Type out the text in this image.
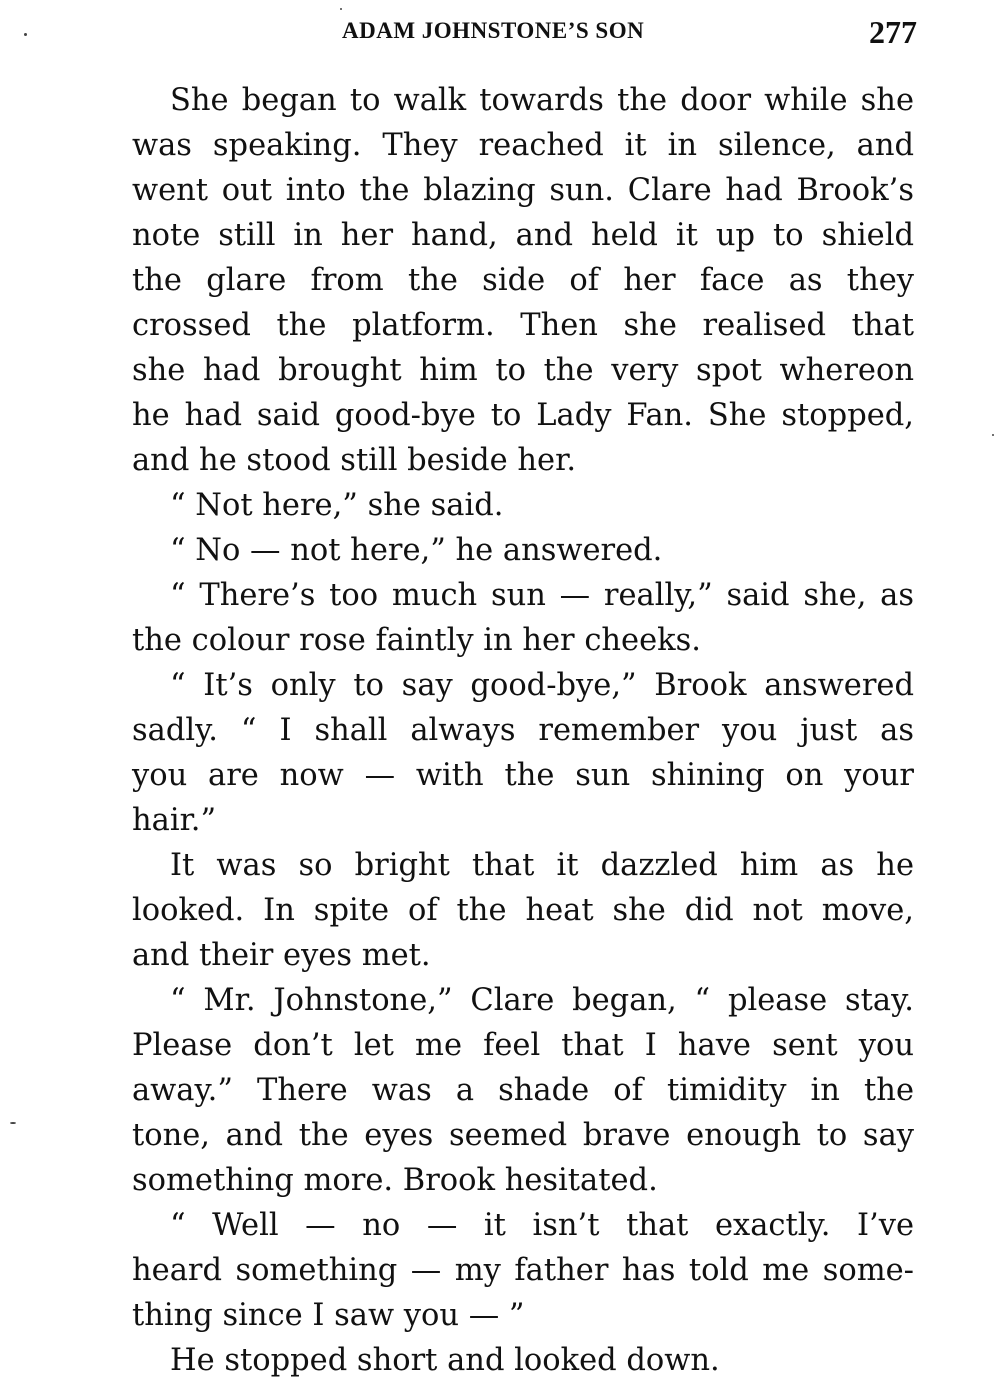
ADAM JOHNSTONE’S SON	277
She began to walk towards the door while she
was speaking. They reached it in silence, and
went out into the blazing sun. Clare had Brook’s
note still in her hand, and held it up to shield
the glare from the side of her face as they
crossed the platform. Then she realised that
she had brought him to the very spot whereon
he had said good-bye to Lady Fan. She stopped,
and he stood still beside her.
“ Not here,” she said.
“ No — not here,” he answered.
“ There’s too much sun — really,” said she, as
the colour rose faintly in her cheeks.
“ It’s only to say good-bye,” Brook answered
sadly. “ I shall always remember you just as
you are now — with the sun shining on your
hair.”
It was so bright that it dazzled him as he
looked. In spite of the heat she did not move,
and their eyes met.
“ Mr. Johnstone,” Clare began, “ please stay.
Please don’t let me feel that I have sent you
away.” There was a shade of timidity in the
tone, and the eyes seemed brave enough to say
something more. Brook hesitated.
“ Well — no — it isn’t that exactly. I’ve
heard something — my father has told me some-
thing since I saw you — ”
He stopped short and looked down.
